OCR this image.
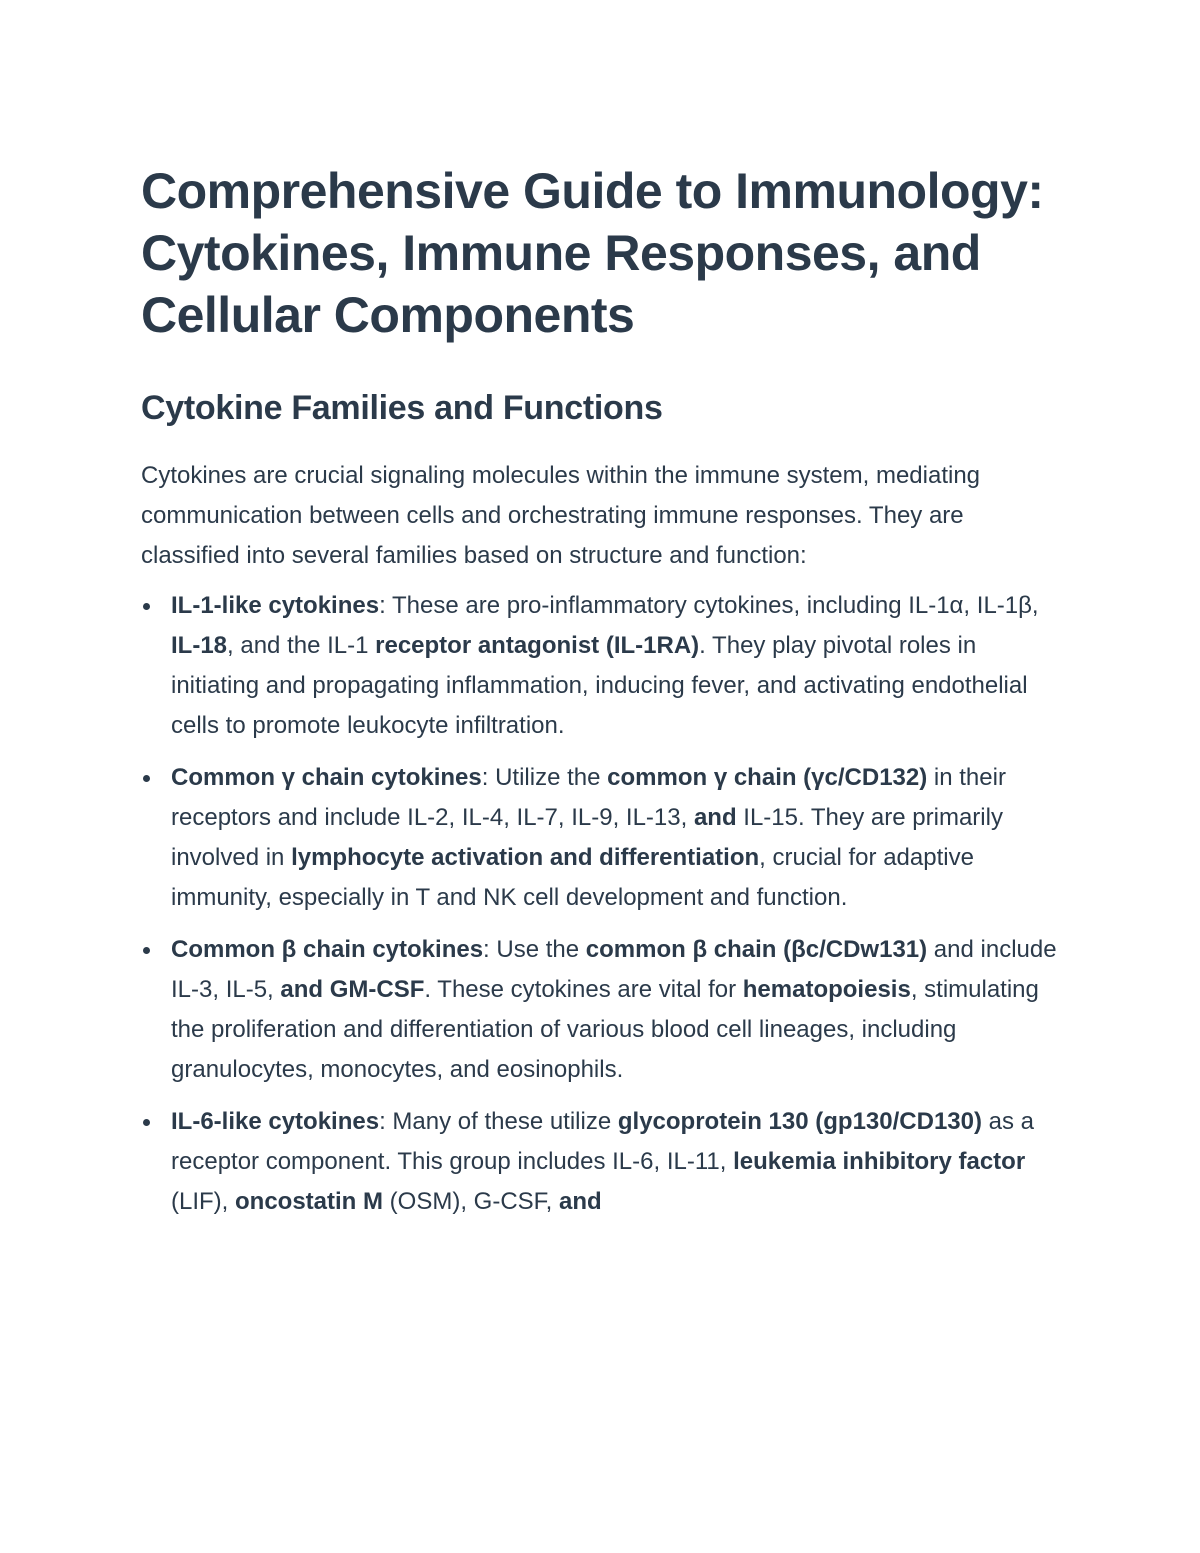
Comprehensive Guide to Immunology: Cytokines, Immune Responses, and Cellular Components
Cytokine Families and Functions

Cytokines are crucial signaling molecules within the immune system, mediating communication between cells and orchestrating immune responses. They are classified into several families based on structure and function:

IL-1-like cytokines: These are pro-inflammatory cytokines, including IL-1α, IL-1β, IL-18, and the IL-1 receptor antagonist (IL-1RA). They play pivotal roles in initiating and propagating inflammation, inducing fever, and activating endothelial cells to promote leukocyte infiltration.
Common γ chain cytokines: Utilize the common γ chain (γc/CD132) in their receptors and include IL-2, IL-4, IL-7, IL-9, IL-13, and IL-15. They are primarily involved in lymphocyte activation and differentiation, crucial for adaptive immunity, especially in T and NK cell development and function.
Common β chain cytokines: Use the common β chain (βc/CDw131) and include IL-3, IL-5, and GM-CSF. These cytokines are vital for hematopoiesis, stimulating the proliferation and differentiation of various blood cell lineages, including granulocytes, monocytes, and eosinophils.
IL-6-like cytokines: Many of these utilize glycoprotein 130 (gp130/CD130) as a receptor component. This group includes IL-6, IL-11, leukemia inhibitory factor (LIF), oncostatin M (OSM), G-CSF, and
